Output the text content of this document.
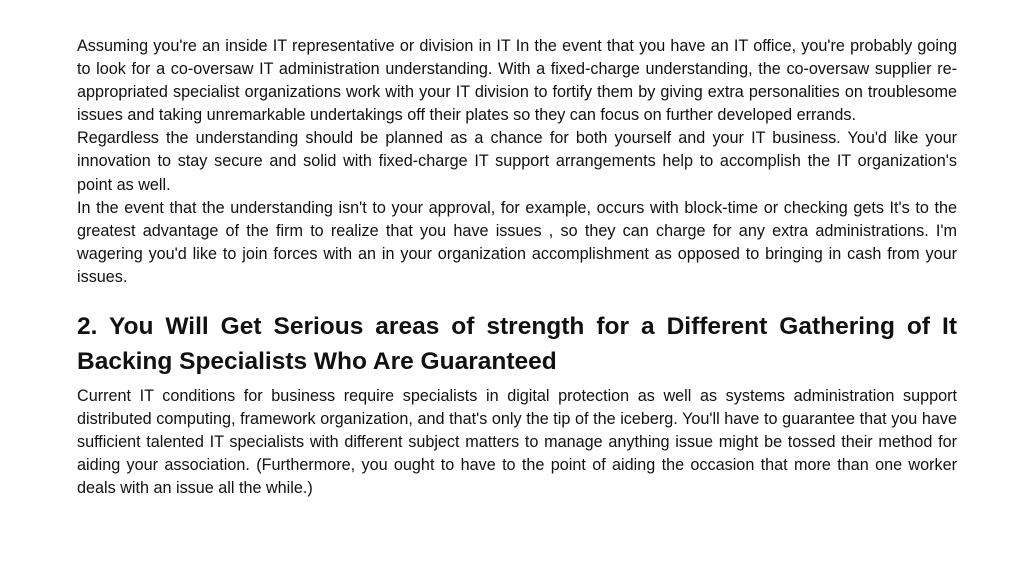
Assuming you're an inside IT representative or division in IT In the event that you have an IT office, you're probably going to look for a co-oversaw IT administration understanding. With a fixed-charge understanding, the co-oversaw supplier re-appropriated specialist organizations work with your IT division to fortify them by giving extra personalities on troublesome issues and taking unremarkable undertakings off their plates so they can focus on further developed errands.

Regardless the understanding should be planned as a chance for both yourself and your IT business. You'd like your innovation to stay secure and solid with fixed-charge IT support arrangements help to accomplish the IT organization's point as well.

In the event that the understanding isn't to your approval, for example, occurs with block-time or checking gets It's to the greatest advantage of the firm to realize that you have issues , so they can charge for any extra administrations. I'm wagering you'd like to join forces with an in your organization accomplishment as opposed to bringing in cash from your issues.

2. You Will Get Serious areas of strength for a Different Gathering of It Backing Specialists Who Are Guaranteed

Current IT conditions for business require specialists in digital protection as well as systems administration support distributed computing, framework organization, and that's only the tip of the iceberg. You'll have to guarantee that you have sufficient talented IT specialists with different subject matters to manage anything issue might be tossed their method for aiding your association. (Furthermore, you ought to have to the point of aiding the occasion that more than one worker deals with an issue all the while.)
